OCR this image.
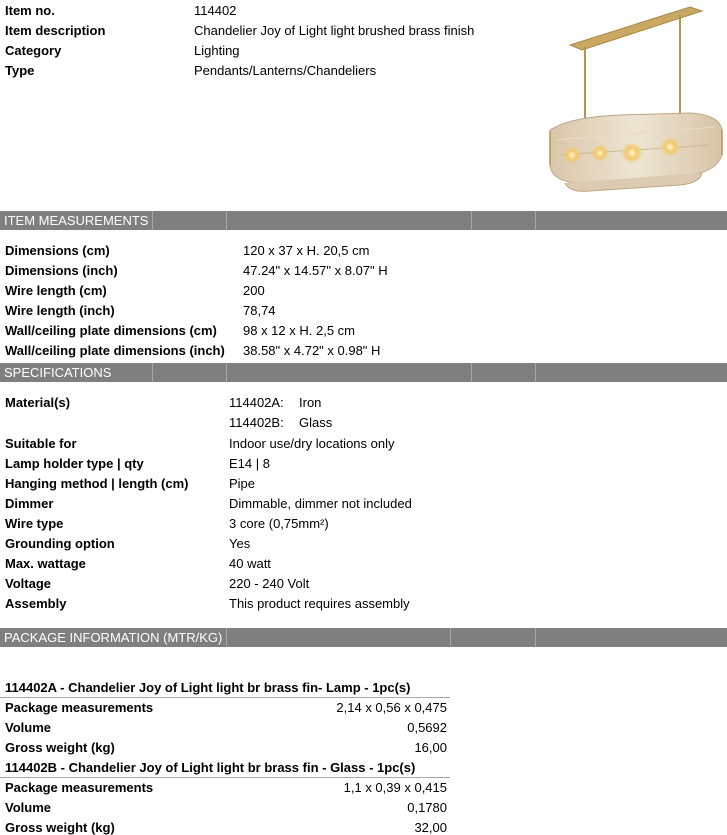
Item no.	114402
Item description	Chandelier Joy of Light light brushed brass finish
Category	Lighting
Type	Pendants/Lanterns/Chandeliers
ITEM MEASUREMENTS
Dimensions (cm)	120 x 37 x H. 20,5 cm
Dimensions (inch)	47.24" x 14.57" x 8.07" H
Wire length (cm)	200
Wire length (inch)	78,74
Wall/ceiling plate dimensions (cm) 98 x 12 x H. 2,5 cm
Wall/ceiling plate dimensions (inch) 38.58" x 4.72" x 0.98" H
SPECIFICATIONS
Material(s)	114402A: Iron
114402B: Glass
Suitable for	Indoor use/dry locations only
Lamp holder type | qty	E14 | 8
Hanging method | length (cm)	Pipe
Dimmer	Dimmable, dimmer not included
Wire type	3 core (0,75mm²)
Grounding option	Yes
Max. wattage	40 watt
Voltage	220 - 240 Volt
Assembly	This product requires assembly
PACKAGE INFORMATION (MTR/KG)
114402A - Chandelier Joy of Light light br brass fin- Lamp - 1pc(s)
Package measurements	2,14 x 0,56 x 0,475
Volume	0,5692
Gross weight (kg)	16,00
114402B - Chandelier Joy of Light light br brass fin - Glass - 1pc(s)
Package measurements	1,1 x 0,39 x 0,415
Volume	0,1780
Gross weight (kg)	32,00
